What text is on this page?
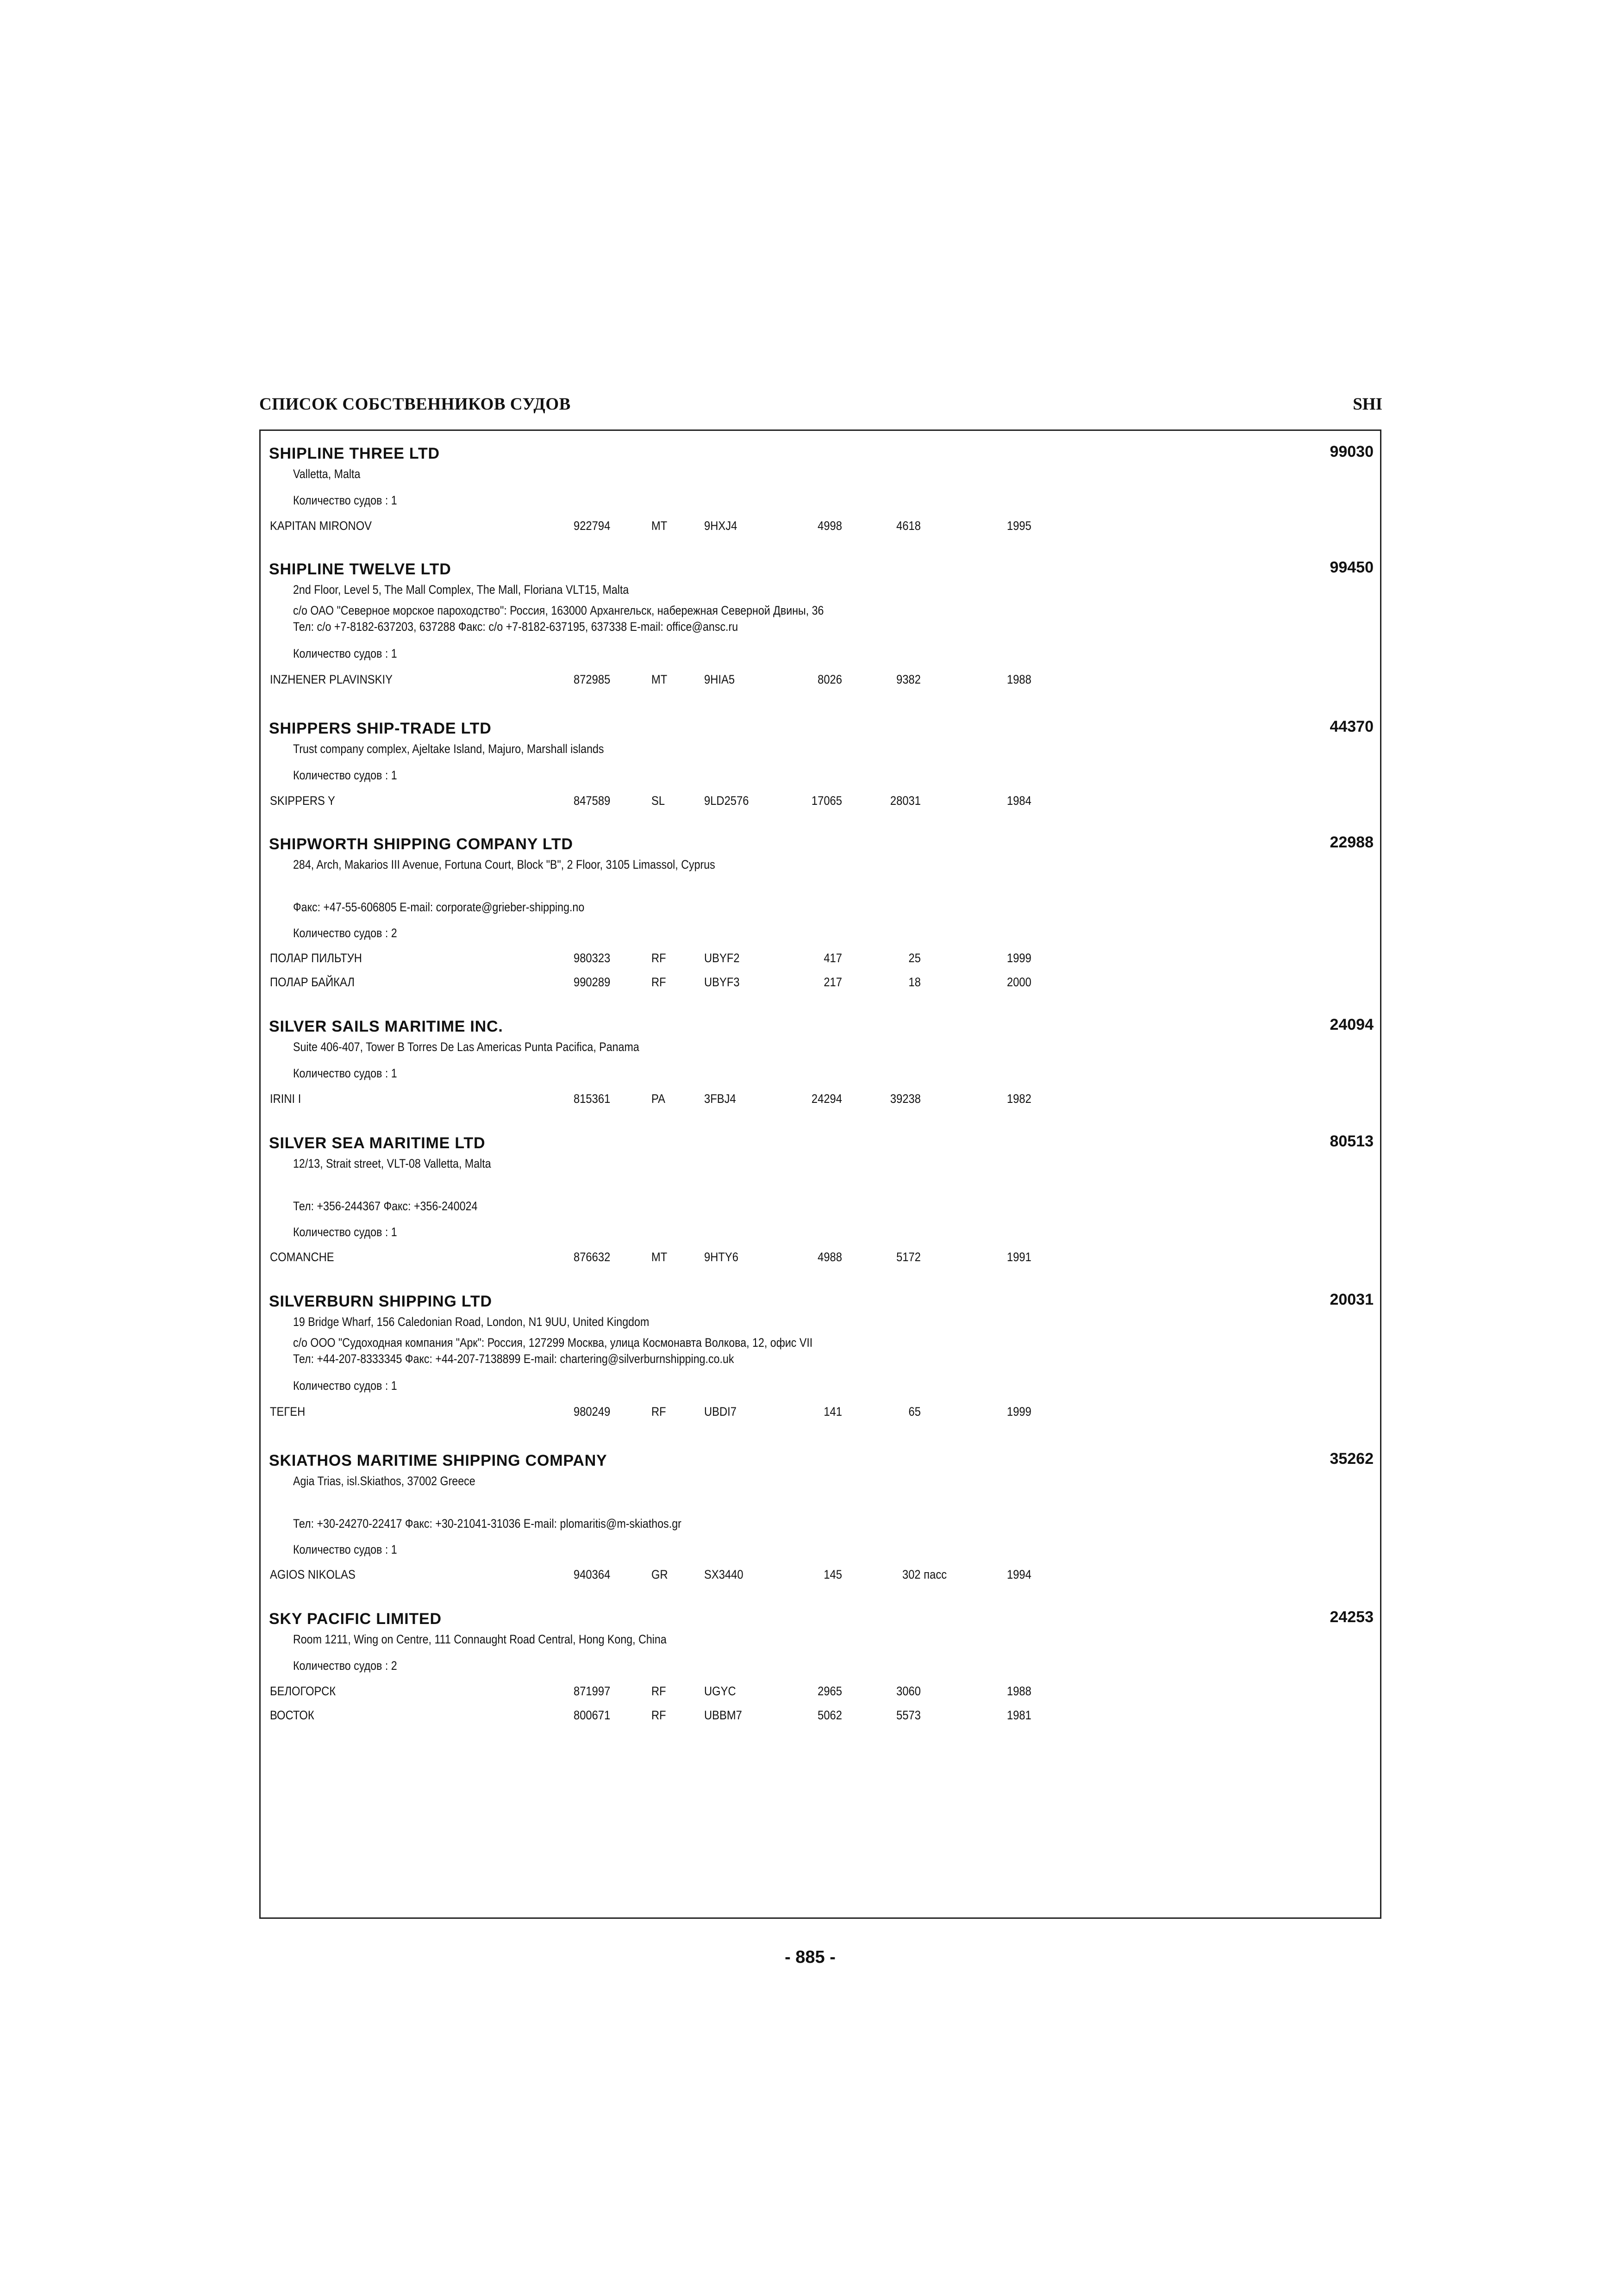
СПИСОК СОБСТВЕННИКОВ СУДОВ	SHI
SHIPLINE THREE LTD	99030
Valletta, Malta
Количество судов : 1
KAPITAN MIRONOV	922794	MT	9HXJ4	4998	4618	1995
SHIPLINE TWELVE LTD	99450
2nd Floor, Level 5, The Mall Complex, The Mall, Floriana VLT15, Malta
с/о ОАО "Северное морское пароходство": Россия, 163000 Архангельск, набережная Северной Двины, 36
Тел: c/o +7-8182-637203, 637288 Факс: c/o +7-8182-637195, 637338 E-mail: office@ansc.ru
Количество судов : 1
INZHENER PLAVINSKIY	872985	MT	9HIA5	8026	9382	1988
SHIPPERS SHIP-TRADE LTD	44370
Trust company complex, Ajeltake Island, Majuro, Marshall islands
Количество судов : 1
SKIPPERS Y	847589	SL	9LD2576	17065	28031	1984
SHIPWORTH SHIPPING COMPANY LTD	22988
284, Arch, Makarios III Avenue, Fortuna Court, Block "B", 2 Floor, 3105 Limassol, Cyprus
Факс: +47-55-606805 E-mail: corporate@grieber-shipping.no
Количество судов : 2
ПОЛАР ПИЛЬТУН	980323	RF	UBYF2	417	25	1999
ПОЛАР БАЙКАЛ	990289	RF	UBYF3	217	18	2000
SILVER SAILS MARITIME INC.	24094
Suite 406-407, Tower B Torres De Las Americas Punta Pacifica, Panama
Количество судов : 1
IRINI I	815361	PA	3FBJ4	24294	39238	1982
SILVER SEA MARITIME LTD	80513
12/13, Strait street, VLT-08 Valletta, Malta
Тел: +356-244367 Факс: +356-240024
Количество судов : 1
COMANCHE	876632	MT	9HTY6	4988	5172	1991
SILVERBURN SHIPPING LTD	20031
19 Bridge Wharf, 156 Caledonian Road, London, N1 9UU, United Kingdom
с/о ООО "Судоходная компания "Арк": Россия, 127299 Москва, улица Космонавта Волкова, 12, офис VII
Тел: +44-207-8333345 Факс: +44-207-7138899 E-mail: chartering@silverburnshipping.co.uk
Количество судов : 1
ТЕГЕН	980249	RF	UBDI7	141	65	1999
SKIATHOS MARITIME SHIPPING COMPANY	35262
Agia Trias, isl.Skiathos, 37002 Greece
Тел: +30-24270-22417 Факс: +30-21041-31036 E-mail: plomaritis@m-skiathos.gr
Количество судов : 1
AGIOS NIKOLAS	940364	GR	SX3440	145	302 пасс	1994
SKY PACIFIC LIMITED	24253
Room 1211, Wing on Centre, 111 Connaught Road Central, Hong Kong, China
Количество судов : 2
БЕЛОГОРСК	871997	RF	UGYC	2965	3060	1988
ВОСТОК	800671	RF	UBBM7	5062	5573	1981
- 885 -
